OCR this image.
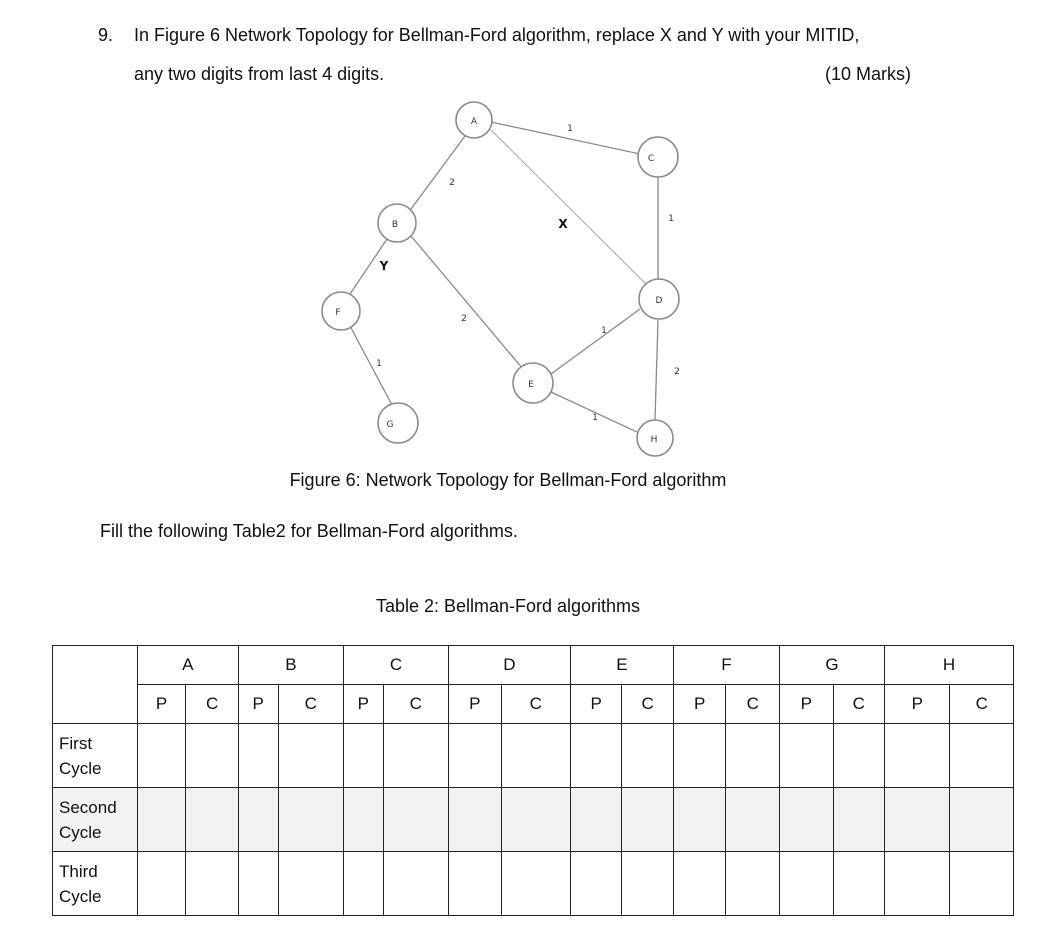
9. In Figure 6 Network Topology for Bellman-Ford algorithm, replace X and Y with your MITID,
any two digits from last 4 digits.	(10 Marks)
1
2
X	1
Y
2
1
1
2
1
A
C
B
F
D
E
G
H
Figure 6: Network Topology for Bellman-Ford algorithm
Fill the following Table2 for Bellman-Ford algorithms.
Table 2: Bellman-Ford algorithms
	A		B		C		D		E		F		G		H	
	P	C	P	C	P	C	P	C	P	C	P	C	P	C	P	C
First
Cycle																
Second
Cycle																
Third
Cycle																
